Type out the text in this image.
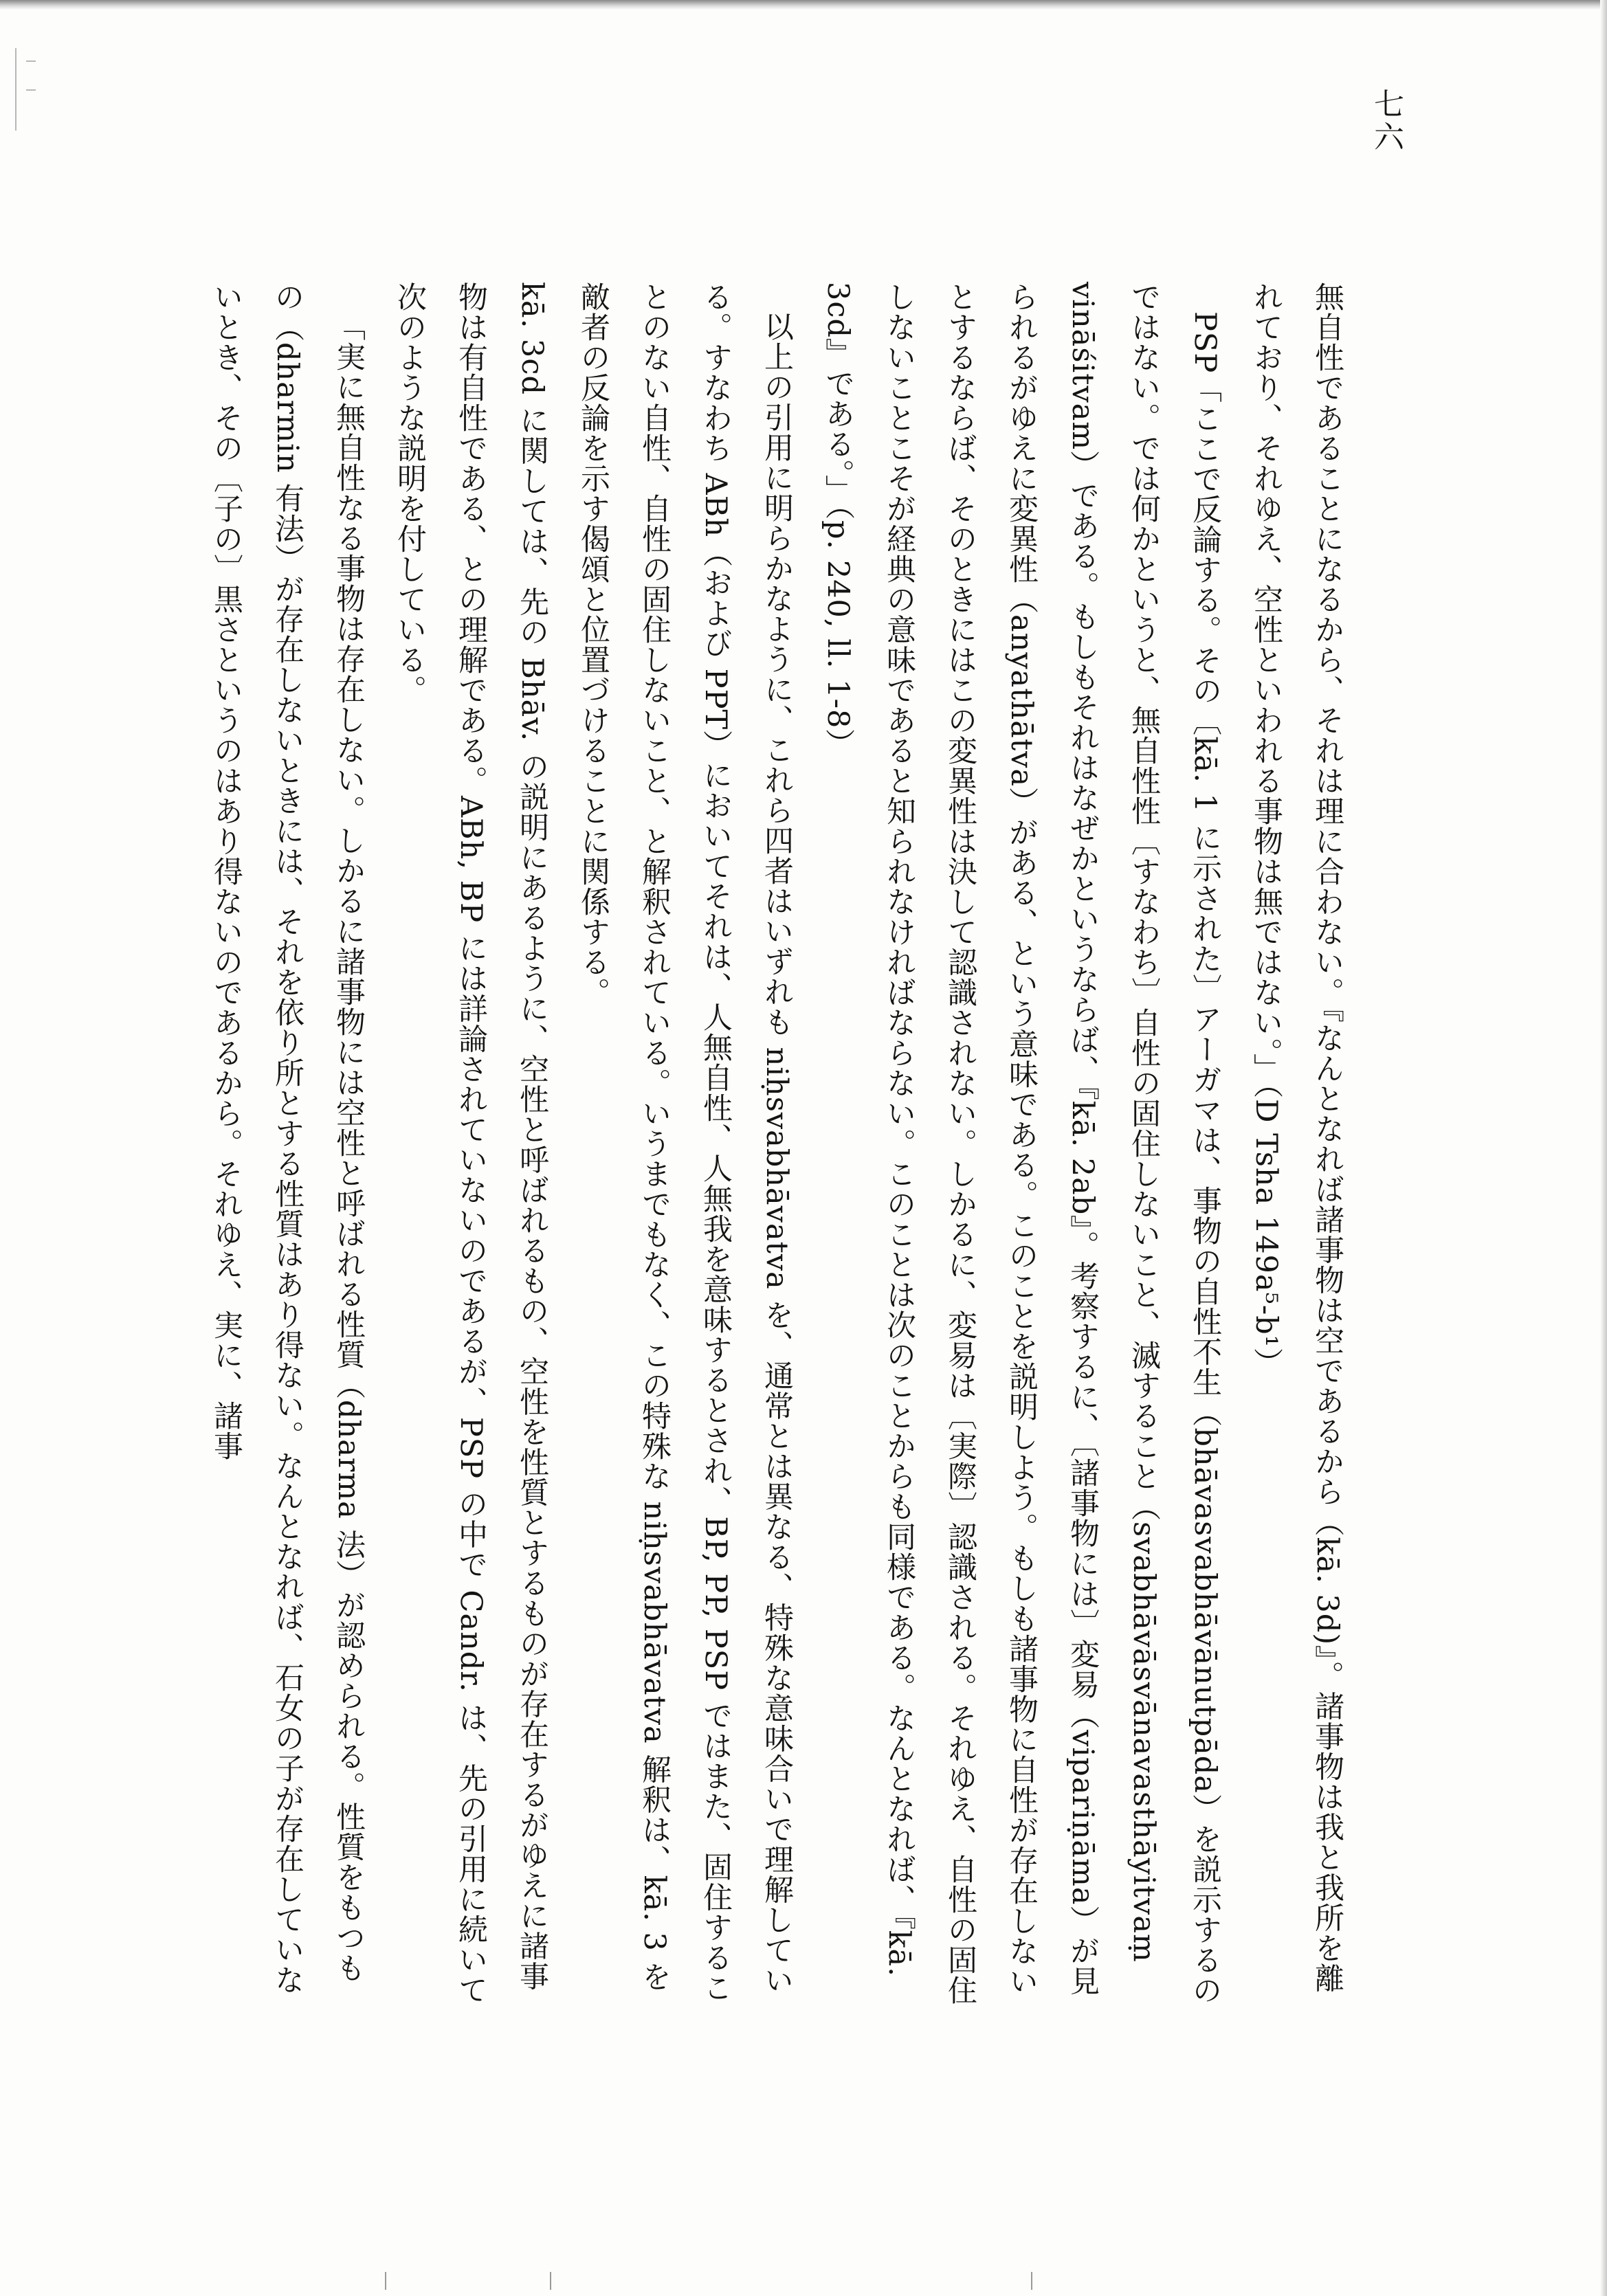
七六

無自性であることになるから、それは理に合わない。『なんとなれば諸事物は空であるから（kā. 3d)』。諸事物は我と我所を離れており、それゆえ、空性といわれる事物は無ではない。」（D Tsha 149a⁵-b¹）

PSP「ここで反論する。その〔kā. 1 に示された〕アーガマは、事物の自性不生（bhāvasvabhāvānutpāda）を説示するのではない。では何かというと、無自性性〔すなわち〕自性の固住しないこと、滅すること（svabhāvāsvānavasthāyitvaṃ vināśitvam）である。もしもそれはなぜかというならば、『kā. 2ab』。考察するに、〔諸事物には〕変易（vipariṇāma）が見られるがゆえに変異性（anyathātva）がある、という意味である。このことを説明しよう。もしも諸事物に自性が存在しないとするならば、そのときにはこの変異性は決して認識されない。しかるに、変易は〔実際〕認識される。それゆえ、自性の固住しないことこそが経典の意味であると知られなければならない。このことは次のことからも同様である。なんとなれば、『kā. 3cd』である。」（p. 240, ll. 1-8）

以上の引用に明らかなように、これら四者はいずれも niḥsvabhāvatva を、通常とは異なる、特殊な意味合いで理解している。すなわち ABh（および PPT）においてそれは、人無自性、人無我を意味するとされ、BP, PP, PSP ではまた、固住することのない自性、自性の固住しないこと、と解釈されている。いうまでもなく、この特殊な niḥsvabhāvatva 解釈は、kā. 3 を敵者の反論を示す偈頌と位置づけることに関係する。

kā. 3cd に関しては、先の Bhāv. の説明にあるように、空性と呼ばれるもの、空性を性質とするものが存在するがゆえに諸事物は有自性である、との理解である。ABh, BP には詳論されていないのであるが、PSP の中で Candr. は、先の引用に続いて次のような説明を付している。

「実に無自性なる事物は存在しない。しかるに諸事物には空性と呼ばれる性質（dharma 法）が認められる。性質をもつもの（dharmin 有法）が存在しないときには、それを依り所とする性質はあり得ない。なんとなれば、石女の子が存在していないとき、その〔子の〕黒さというのはあり得ないのであるから。それゆえ、実に、諸事
